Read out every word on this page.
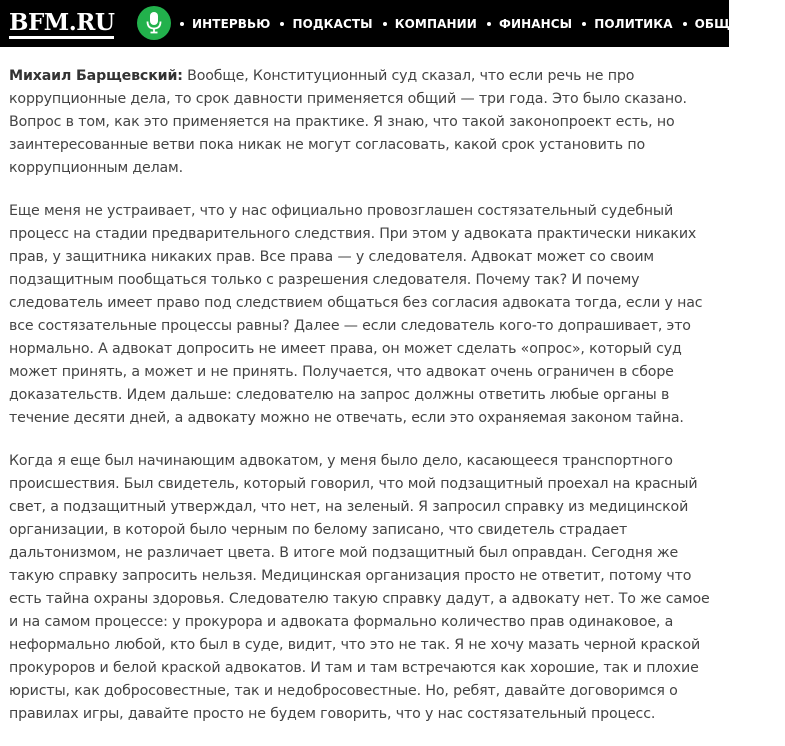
BFM.RU	ИНТЕРВЬЮ ПОДКАСТЫ КОМПАНИИ ФИНАНСЫ ПОЛИТИКА ОБЩЕСТВО

Михаил Барщевский: Вообще, Конституционный суд сказал, что если речь не про коррупционные дела, то срок давности применяется общий — три года. Это было сказано. Вопрос в том, как это применяется на практике. Я знаю, что такой законопроект есть, но заинтересованные ветви пока никак не могут согласовать, какой срок установить по коррупционным делам.

Еще меня не устраивает, что у нас официально провозглашен состязательный судебный процесс на стадии предварительного следствия. При этом у адвоката практически никаких прав, у защитника никаких прав. Все права — у следователя. Адвокат может со своим подзащитным пообщаться только с разрешения следователя. Почему так? И почему следователь имеет право под следствием общаться без согласия адвоката тогда, если у нас все состязательные процессы равны? Далее — если следователь кого-то допрашивает, это нормально. А адвокат допросить не имеет права, он может сделать «опрос», который суд может принять, а может и не принять. Получается, что адвокат очень ограничен в сборе доказательств. Идем дальше: следователю на запрос должны ответить любые органы в течение десяти дней, а адвокату можно не отвечать, если это охраняемая законом тайна.

Когда я еще был начинающим адвокатом, у меня было дело, касающееся транспортного происшествия. Был свидетель, который говорил, что мой подзащитный проехал на красный свет, а подзащитный утверждал, что нет, на зеленый. Я запросил справку из медицинской организации, в которой было черным по белому записано, что свидетель страдает дальтонизмом, не различает цвета. В итоге мой подзащитный был оправдан. Сегодня же такую справку запросить нельзя. Медицинская организация просто не ответит, потому что есть тайна охраны здоровья. Следователю такую справку дадут, а адвокату нет. То же самое и на самом процессе: у прокурора и адвоката формально количество прав одинаковое, а неформально любой, кто был в суде, видит, что это не так. Я не хочу мазать черной краской прокуроров и белой краской адвокатов. И там и там встречаются как хорошие, так и плохие юристы, как добросовестные, так и недобросовестные. Но, ребят, давайте договоримся о правилах игры, давайте просто не будем говорить, что у нас состязательный процесс.
